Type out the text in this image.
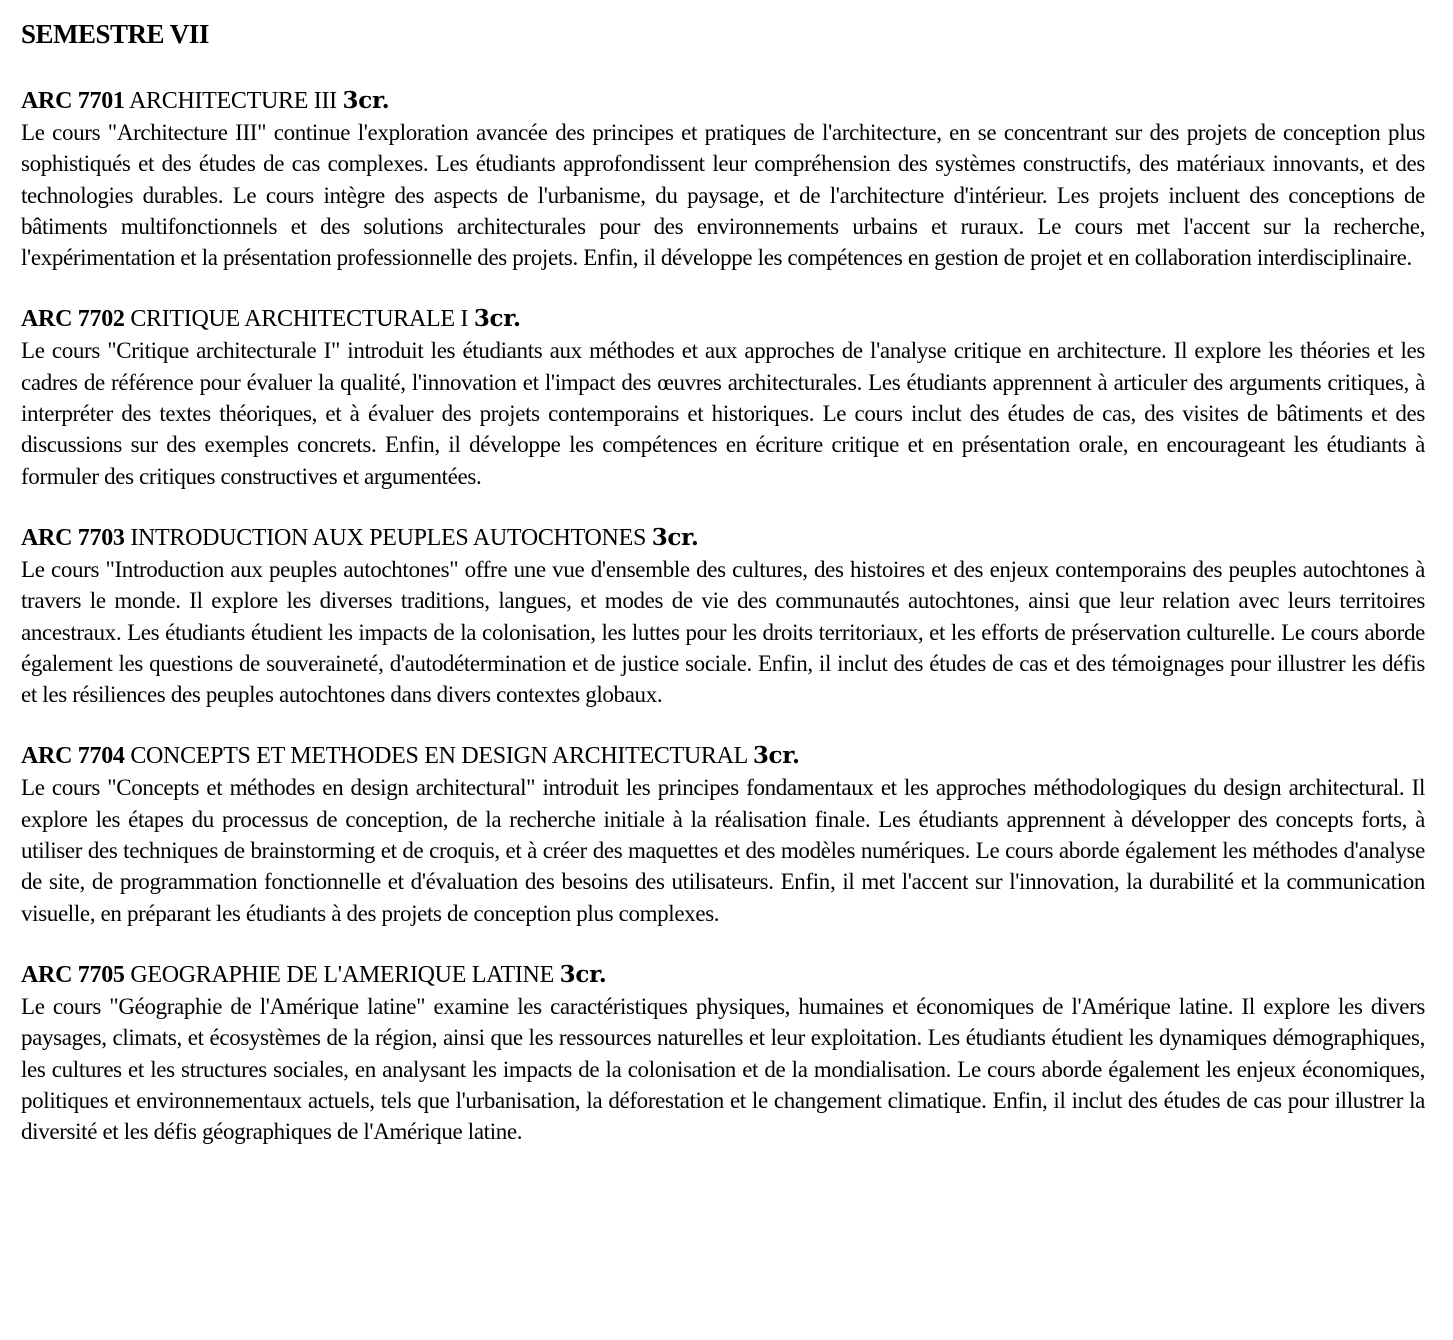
SEMESTRE VII
ARC 7701 ARCHITECTURE III 3cr.

Le cours "Architecture III" continue l'exploration avancée des principes et pratiques de l'architecture, en se concentrant sur des projets de conception plus sophistiqués et des études de cas complexes. Les étudiants approfondissent leur compréhension des systèmes constructifs, des matériaux innovants, et des technologies durables. Le cours intègre des aspects de l'urbanisme, du paysage, et de l'architecture d'intérieur. Les projets incluent des conceptions de bâtiments multifonctionnels et des solutions architecturales pour des environnements urbains et ruraux. Le cours met l'accent sur la recherche, l'expérimentation et la présentation professionnelle des projets. Enfin, il développe les compétences en gestion de projet et en collaboration interdisciplinaire.

ARC 7702 CRITIQUE ARCHITECTURALE I 3cr.

Le cours "Critique architecturale I" introduit les étudiants aux méthodes et aux approches de l'analyse critique en architecture. Il explore les théories et les cadres de référence pour évaluer la qualité, l'innovation et l'impact des œuvres architecturales. Les étudiants apprennent à articuler des arguments critiques, à interpréter des textes théoriques, et à évaluer des projets contemporains et historiques. Le cours inclut des études de cas, des visites de bâtiments et des discussions sur des exemples concrets. Enfin, il développe les compétences en écriture critique et en présentation orale, en encourageant les étudiants à formuler des critiques constructives et argumentées.

ARC 7703 INTRODUCTION AUX PEUPLES AUTOCHTONES 3cr.

Le cours "Introduction aux peuples autochtones" offre une vue d'ensemble des cultures, des histoires et des enjeux contemporains des peuples autochtones à travers le monde. Il explore les diverses traditions, langues, et modes de vie des communautés autochtones, ainsi que leur relation avec leurs territoires ancestraux. Les étudiants étudient les impacts de la colonisation, les luttes pour les droits territoriaux, et les efforts de préservation culturelle. Le cours aborde également les questions de souveraineté, d'autodétermination et de justice sociale. Enfin, il inclut des études de cas et des témoignages pour illustrer les défis et les résiliences des peuples autochtones dans divers contextes globaux.

ARC 7704 CONCEPTS ET METHODES EN DESIGN ARCHITECTURAL 3cr.

Le cours "Concepts et méthodes en design architectural" introduit les principes fondamentaux et les approches méthodologiques du design architectural. Il explore les étapes du processus de conception, de la recherche initiale à la réalisation finale. Les étudiants apprennent à développer des concepts forts, à utiliser des techniques de brainstorming et de croquis, et à créer des maquettes et des modèles numériques. Le cours aborde également les méthodes d'analyse de site, de programmation fonctionnelle et d'évaluation des besoins des utilisateurs. Enfin, il met l'accent sur l'innovation, la durabilité et la communication visuelle, en préparant les étudiants à des projets de conception plus complexes.

ARC 7705 GEOGRAPHIE DE L'AMERIQUE LATINE 3cr.

Le cours "Géographie de l'Amérique latine" examine les caractéristiques physiques, humaines et économiques de l'Amérique latine. Il explore les divers paysages, climats, et écosystèmes de la région, ainsi que les ressources naturelles et leur exploitation. Les étudiants étudient les dynamiques démographiques, les cultures et les structures sociales, en analysant les impacts de la colonisation et de la mondialisation. Le cours aborde également les enjeux économiques, politiques et environnementaux actuels, tels que l'urbanisation, la déforestation et le changement climatique. Enfin, il inclut des études de cas pour illustrer la diversité et les défis géographiques de l'Amérique latine.
